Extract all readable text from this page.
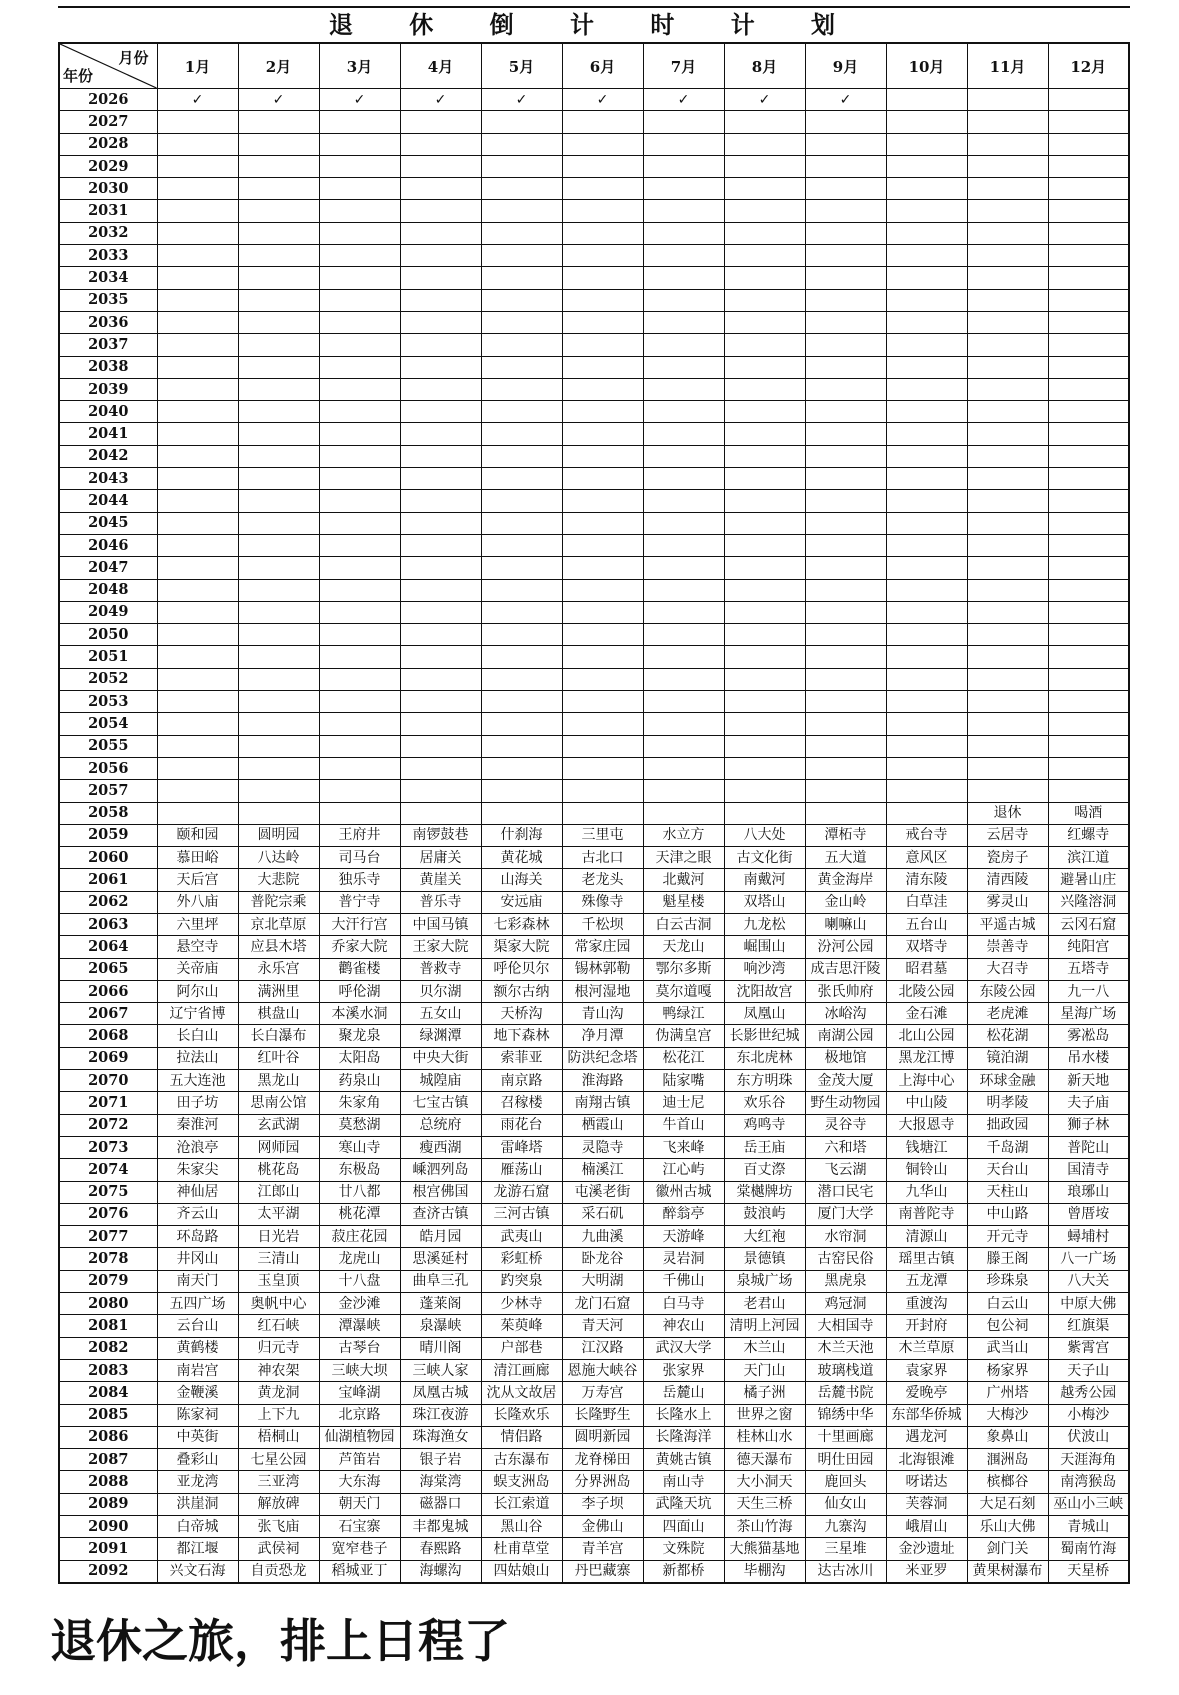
退 休 倒 计 时 计 划
月份
年份	1月	2月	3月	4月	5月	6月	7月	8月	9月	10月	11月	12月
2026	✓	✓	✓	✓	✓	✓	✓	✓	✓			
2027												
2028												
2029												
2030												
2031												
2032												
2033												
2034												
2035												
2036												
2037												
2038												
2039												
2040												
2041												
2042												
2043												
2044												
2045												
2046												
2047												
2048												
2049												
2050												
2051												
2052												
2053												
2054												
2055												
2056												
2057												
2058											退休	喝酒
2059	颐和园	圆明园	王府井	南锣鼓巷	什刹海	三里屯	水立方	八大处	潭柘寺	戒台寺	云居寺	红螺寺
2060	慕田峪	八达岭	司马台	居庸关	黄花城	古北口	天津之眼	古文化街	五大道	意风区	瓷房子	滨江道
2061	天后宫	大悲院	独乐寺	黄崖关	山海关	老龙头	北戴河	南戴河	黄金海岸	清东陵	清西陵	避暑山庄
2062	外八庙	普陀宗乘	普宁寺	普乐寺	安远庙	殊像寺	魁星楼	双塔山	金山岭	白草洼	雾灵山	兴隆溶洞
2063	六里坪	京北草原	大汗行宫	中国马镇	七彩森林	千松坝	白云古洞	九龙松	喇嘛山	五台山	平遥古城	云冈石窟
2064	悬空寺	应县木塔	乔家大院	王家大院	渠家大院	常家庄园	天龙山	崛围山	汾河公园	双塔寺	崇善寺	纯阳宫
2065	关帝庙	永乐宫	鹳雀楼	普救寺	呼伦贝尔	锡林郭勒	鄂尔多斯	响沙湾	成吉思汗陵	昭君墓	大召寺	五塔寺
2066	阿尔山	满洲里	呼伦湖	贝尔湖	额尔古纳	根河湿地	莫尔道嘎	沈阳故宫	张氏帅府	北陵公园	东陵公园	九一八
2067	辽宁省博	棋盘山	本溪水洞	五女山	天桥沟	青山沟	鸭绿江	凤凰山	冰峪沟	金石滩	老虎滩	星海广场
2068	长白山	长白瀑布	聚龙泉	绿渊潭	地下森林	净月潭	伪满皇宫	长影世纪城	南湖公园	北山公园	松花湖	雾凇岛
2069	拉法山	红叶谷	太阳岛	中央大街	索菲亚	防洪纪念塔	松花江	东北虎林	极地馆	黑龙江博	镜泊湖	吊水楼
2070	五大连池	黑龙山	药泉山	城隍庙	南京路	淮海路	陆家嘴	东方明珠	金茂大厦	上海中心	环球金融	新天地
2071	田子坊	思南公馆	朱家角	七宝古镇	召稼楼	南翔古镇	迪士尼	欢乐谷	野生动物园	中山陵	明孝陵	夫子庙
2072	秦淮河	玄武湖	莫愁湖	总统府	雨花台	栖霞山	牛首山	鸡鸣寺	灵谷寺	大报恩寺	拙政园	狮子林
2073	沧浪亭	网师园	寒山寺	瘦西湖	雷峰塔	灵隐寺	飞来峰	岳王庙	六和塔	钱塘江	千岛湖	普陀山
2074	朱家尖	桃花岛	东极岛	嵊泗列岛	雁荡山	楠溪江	江心屿	百丈漈	飞云湖	铜铃山	天台山	国清寺
2075	神仙居	江郎山	廿八都	根宫佛国	龙游石窟	屯溪老街	徽州古城	棠樾牌坊	潜口民宅	九华山	天柱山	琅琊山
2076	齐云山	太平湖	桃花潭	查济古镇	三河古镇	采石矶	醉翁亭	鼓浪屿	厦门大学	南普陀寺	中山路	曾厝垵
2077	环岛路	日光岩	菽庄花园	皓月园	武夷山	九曲溪	天游峰	大红袍	水帘洞	清源山	开元寺	蟳埔村
2078	井冈山	三清山	龙虎山	思溪延村	彩虹桥	卧龙谷	灵岩洞	景德镇	古窑民俗	瑶里古镇	滕王阁	八一广场
2079	南天门	玉皇顶	十八盘	曲阜三孔	趵突泉	大明湖	千佛山	泉城广场	黑虎泉	五龙潭	珍珠泉	八大关
2080	五四广场	奥帆中心	金沙滩	蓬莱阁	少林寺	龙门石窟	白马寺	老君山	鸡冠洞	重渡沟	白云山	中原大佛
2081	云台山	红石峡	潭瀑峡	泉瀑峡	茱萸峰	青天河	神农山	清明上河园	大相国寺	开封府	包公祠	红旗渠
2082	黄鹤楼	归元寺	古琴台	晴川阁	户部巷	江汉路	武汉大学	木兰山	木兰天池	木兰草原	武当山	紫霄宫
2083	南岩宫	神农架	三峡大坝	三峡人家	清江画廊	恩施大峡谷	张家界	天门山	玻璃栈道	袁家界	杨家界	天子山
2084	金鞭溪	黄龙洞	宝峰湖	凤凰古城	沈从文故居	万寿宫	岳麓山	橘子洲	岳麓书院	爱晚亭	广州塔	越秀公园
2085	陈家祠	上下九	北京路	珠江夜游	长隆欢乐	长隆野生	长隆水上	世界之窗	锦绣中华	东部华侨城	大梅沙	小梅沙
2086	中英街	梧桐山	仙湖植物园	珠海渔女	情侣路	圆明新园	长隆海洋	桂林山水	十里画廊	遇龙河	象鼻山	伏波山
2087	叠彩山	七星公园	芦笛岩	银子岩	古东瀑布	龙脊梯田	黄姚古镇	德天瀑布	明仕田园	北海银滩	涠洲岛	天涯海角
2088	亚龙湾	三亚湾	大东海	海棠湾	蜈支洲岛	分界洲岛	南山寺	大小洞天	鹿回头	呀诺达	槟榔谷	南湾猴岛
2089	洪崖洞	解放碑	朝天门	磁器口	长江索道	李子坝	武隆天坑	天生三桥	仙女山	芙蓉洞	大足石刻	巫山小三峡
2090	白帝城	张飞庙	石宝寨	丰都鬼城	黑山谷	金佛山	四面山	茶山竹海	九寨沟	峨眉山	乐山大佛	青城山
2091	都江堰	武侯祠	宽窄巷子	春熙路	杜甫草堂	青羊宫	文殊院	大熊猫基地	三星堆	金沙遗址	剑门关	蜀南竹海
2092	兴文石海	自贡恐龙	稻城亚丁	海螺沟	四姑娘山	丹巴藏寨	新都桥	毕棚沟	达古冰川	米亚罗	黄果树瀑布	天星桥
退休之旅，排上日程了
